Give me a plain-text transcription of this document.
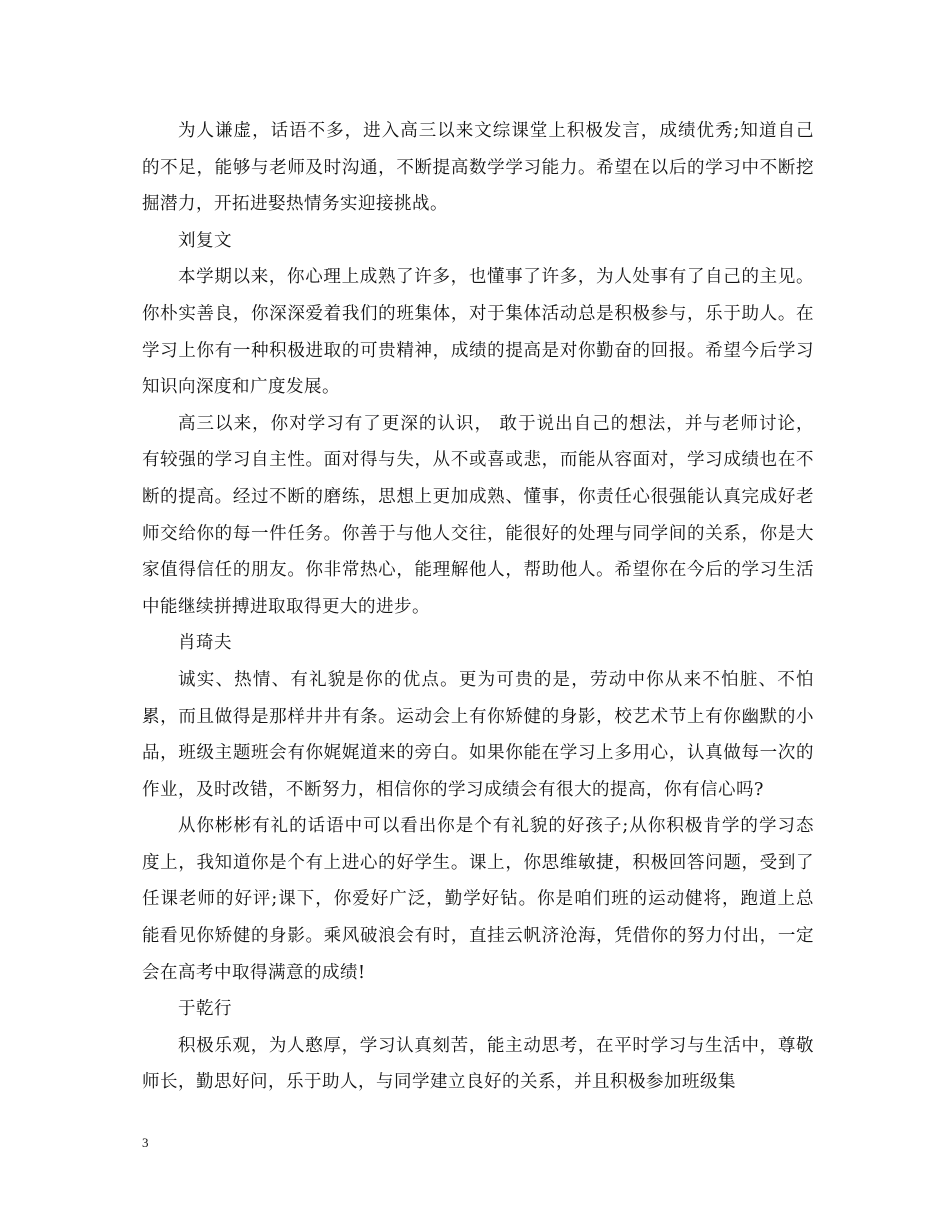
为人谦虚，话语不多，进入高三以来文综课堂上积极发言，成绩优秀;知道自己的不足，能够与老师及时沟通，不断提高数学学习能力。希望在以后的学习中不断挖掘潜力，开拓进娶热情务实迎接挑战。

刘复文

本学期以来，你心理上成熟了许多，也懂事了许多，为人处事有了自己的主见。你朴实善良，你深深爱着我们的班集体，对于集体活动总是积极参与，乐于助人。在学习上你有一种积极进取的可贵精神，成绩的提高是对你勤奋的回报。希望今后学习知识向深度和广度发展。

高三以来，你对学习有了更深的认识， 敢于说出自己的想法，并与老师讨论，有较强的学习自主性。面对得与失，从不或喜或悲，而能从容面对，学习成绩也在不断的提高。经过不断的磨练，思想上更加成熟、懂事，你责任心很强能认真完成好老师交给你的每一件任务。你善于与他人交往，能很好的处理与同学间的关系，你是大家值得信任的朋友。你非常热心，能理解他人，帮助他人。希望你在今后的学习生活中能继续拼搏进取取得更大的进步。

肖琦夫

诚实、热情、有礼貌是你的优点。更为可贵的是，劳动中你从来不怕脏、不怕累，而且做得是那样井井有条。运动会上有你矫健的身影，校艺术节上有你幽默的小品，班级主题班会有你娓娓道来的旁白。如果你能在学习上多用心，认真做每一次的作业，及时改错，不断努力，相信你的学习成绩会有很大的提高，你有信心吗?

从你彬彬有礼的话语中可以看出你是个有礼貌的好孩子;从你积极肯学的学习态度上，我知道你是个有上进心的好学生。课上，你思维敏捷，积极回答问题，受到了任课老师的好评;课下，你爱好广泛，勤学好钻。你是咱们班的运动健将，跑道上总能看见你矫健的身影。乘风破浪会有时，直挂云帆济沧海，凭借你的努力付出，一定会在高考中取得满意的成绩!

于乾行

积极乐观，为人憨厚，学习认真刻苦，能主动思考，在平时学习与生活中，尊敬师长，勤思好问，乐于助人，与同学建立良好的关系，并且积极参加班级集

3
